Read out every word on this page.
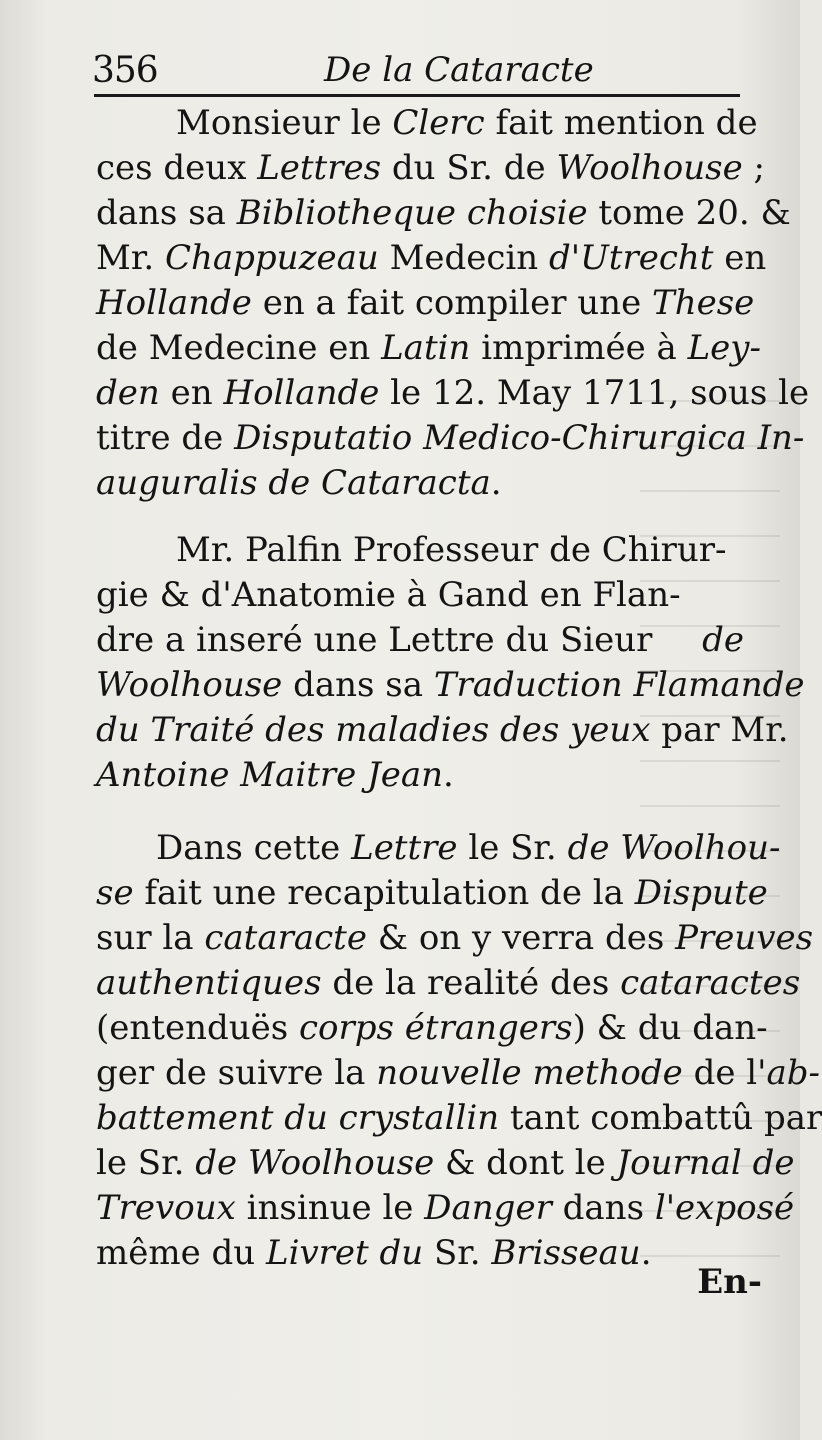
356	De la Cataracte
Monsieur le Clerc fait mention de
ces deux Lettres du Sr. de Woolhouse ;
dans sa Bibliotheque choisie tome 20. &
Mr. Chappuzeau Medecin d'Utrecht en
Hollande en a fait compiler une These
de Medecine en Latin imprimée à Ley-
den en Hollande le 12. May 1711, sous le
titre de Disputatio Medico-Chirurgica In-
auguralis de Cataracta .
Mr. Palfin Professeur de Chirur-
gie & d'Anatomie à Gand en Flan-
dre a inseré une Lettre du Sieur de
Woolhouse dans sa Traduction Flamande
du Traité des maladies des yeux par Mr.
Antoine Maitre Jean .
Dans cette Lettre le Sr. de Woolhou-
se fait une recapitulation de la Dispute
sur la cataracte & on y verra des Preuves
authentiques de la realité des cataractes
(entenduës corps étrangers ) & du dan-
ger de suivre la nouvelle methode de l' ab-
battement du crystallin tant combattû par
le Sr. de Woolhouse & dont le Journal de
Trevoux insinue le Danger dans l'exposé
même du Livret du Sr. Brisseau .
En-
